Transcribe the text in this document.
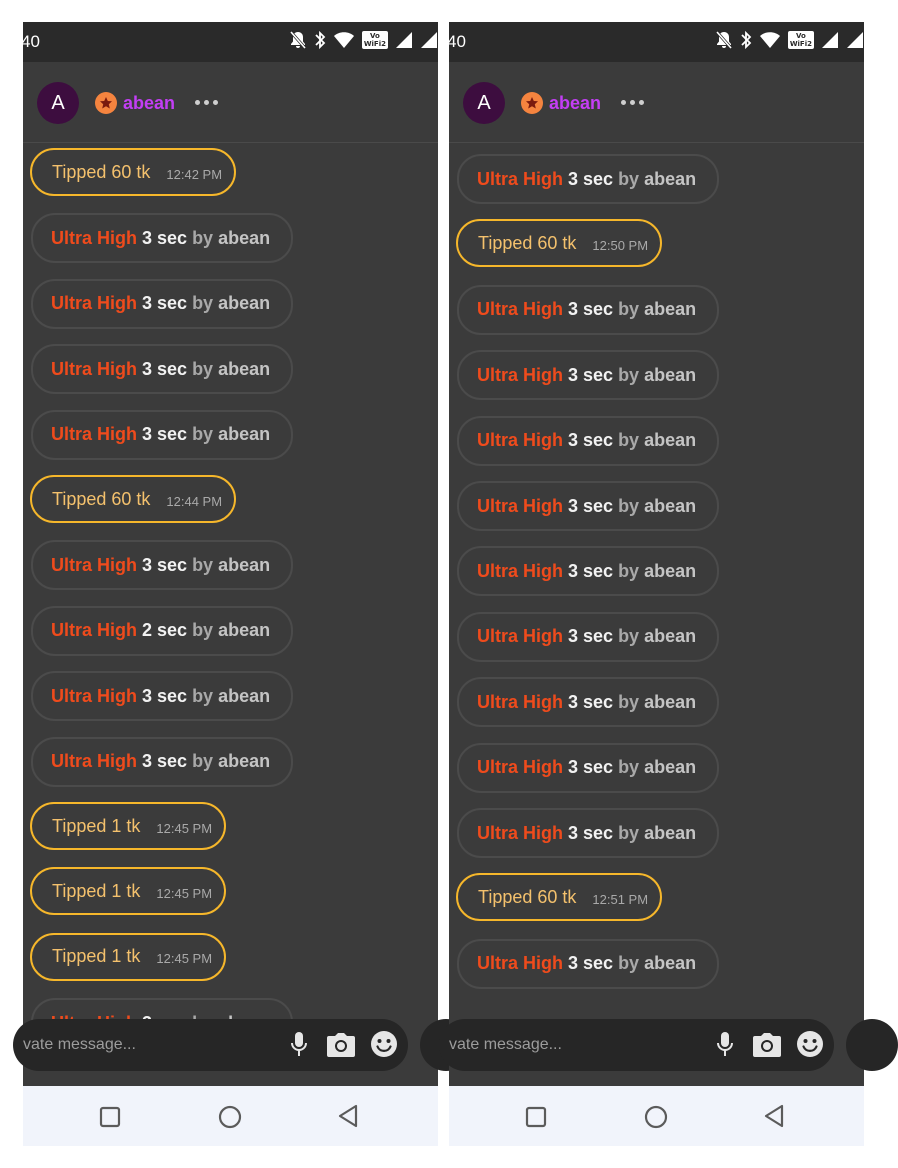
40	Vo
WiFi2
A	abean
Tipped 60 tk 12:42 PM
Ultra High 3 sec by abean
Ultra High 3 sec by abean
Ultra High 3 sec by abean
Ultra High 3 sec by abean
Tipped 60 tk 12:44 PM
Ultra High 3 sec by abean
Ultra High 2 sec by abean
Ultra High 3 sec by abean
Ultra High 3 sec by abean
Tipped 1 tk 12:45 PM
Tipped 1 tk 12:45 PM
Tipped 1 tk 12:45 PM
vate message...
40	Vo
WiFi2
A	abean
Ultra High 3 sec by abean
Tipped 60 tk 12:50 PM
Ultra High 3 sec by abean
Ultra High 3 sec by abean
Ultra High 3 sec by abean
Ultra High 3 sec by abean
Ultra High 3 sec by abean
Ultra High 3 sec by abean
Ultra High 3 sec by abean
Ultra High 3 sec by abean
Ultra High 3 sec by abean
Tipped 60 tk 12:51 PM
Ultra High 3 sec by abean
vate message...
